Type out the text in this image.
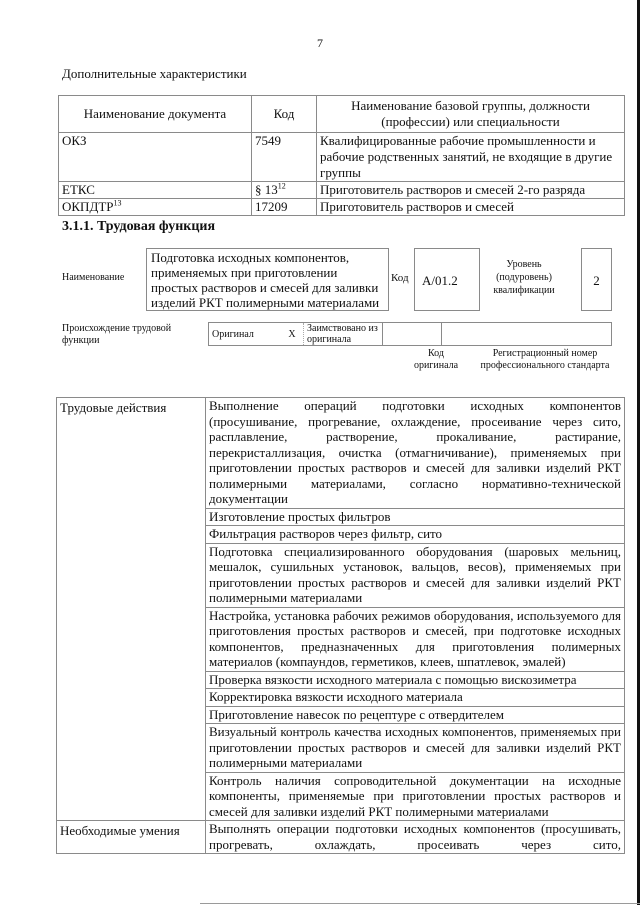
7
Дополнительные характеристики
Наименование документа	Код	Наименование базовой группы, должности (профессии) или специальности
ОКЗ	7549	Квалифицированные рабочие промышленности и рабочие родственных занятий, не входящие в другие группы
ЕТКС	§ $13^{12}$	Приготовитель растворов и смесей 2-го разряда
ОКПДТР$^{13}$	17209	Приготовитель растворов и смесей
3.1.1. Трудовая функция
Наименование
Подготовка исходных компонентов, применяемых при приготовлении простых растворов и смесей для заливки изделий РКТ полимерными материалами
Код	А/01.2
Уровень (подуровень) квалификации
2
Происхождение трудовой функции
Оригинал	X	Заимствовано из оригинала		
Код оригинала
Регистрационный номер профессионального стандарта
Трудовые действия	Выполнение операций подготовки исходных компонентов (просушивание, прогревание, охлаждение, просеивание через сито, расплавление, растворение, прокаливание, растирание, перекристаллизация, очистка (отмагничивание), применяемых при приготовлении простых растворов и смесей для заливки изделий РКТ полимерными материалами, согласно нормативно-технической документации
	Изготовление простых фильтров
	Фильтрация растворов через фильтр, сито
	Подготовка специализированного оборудования (шаровых мельниц, мешалок, сушильных установок, вальцов, весов), применяемых при приготовлении простых растворов и смесей для заливки изделий РКТ полимерными материалами
	Настройка, установка рабочих режимов оборудования, используемого для приготовления простых растворов и смесей, при подготовке исходных компонентов, предназначенных для приготовления полимерных материалов (компаундов, герметиков, клеев, шпатлевок, эмалей)
	Проверка вязкости исходного материала с помощью вискозиметра
	Корректировка вязкости исходного материала
	Приготовление навесок по рецептуре с отвердителем
	Визуальный контроль качества исходных компонентов, применяемых при приготовлении простых растворов и смесей для заливки изделий РКТ полимерными материалами
	Контроль наличия сопроводительной документации на исходные компоненты, применяемые при приготовлении простых растворов и смесей для заливки изделий РКТ полимерными материалами
Необходимые умения	Выполнять операции подготовки исходных компонентов (просушивать, прогревать, охлаждать, просеивать через сито,
